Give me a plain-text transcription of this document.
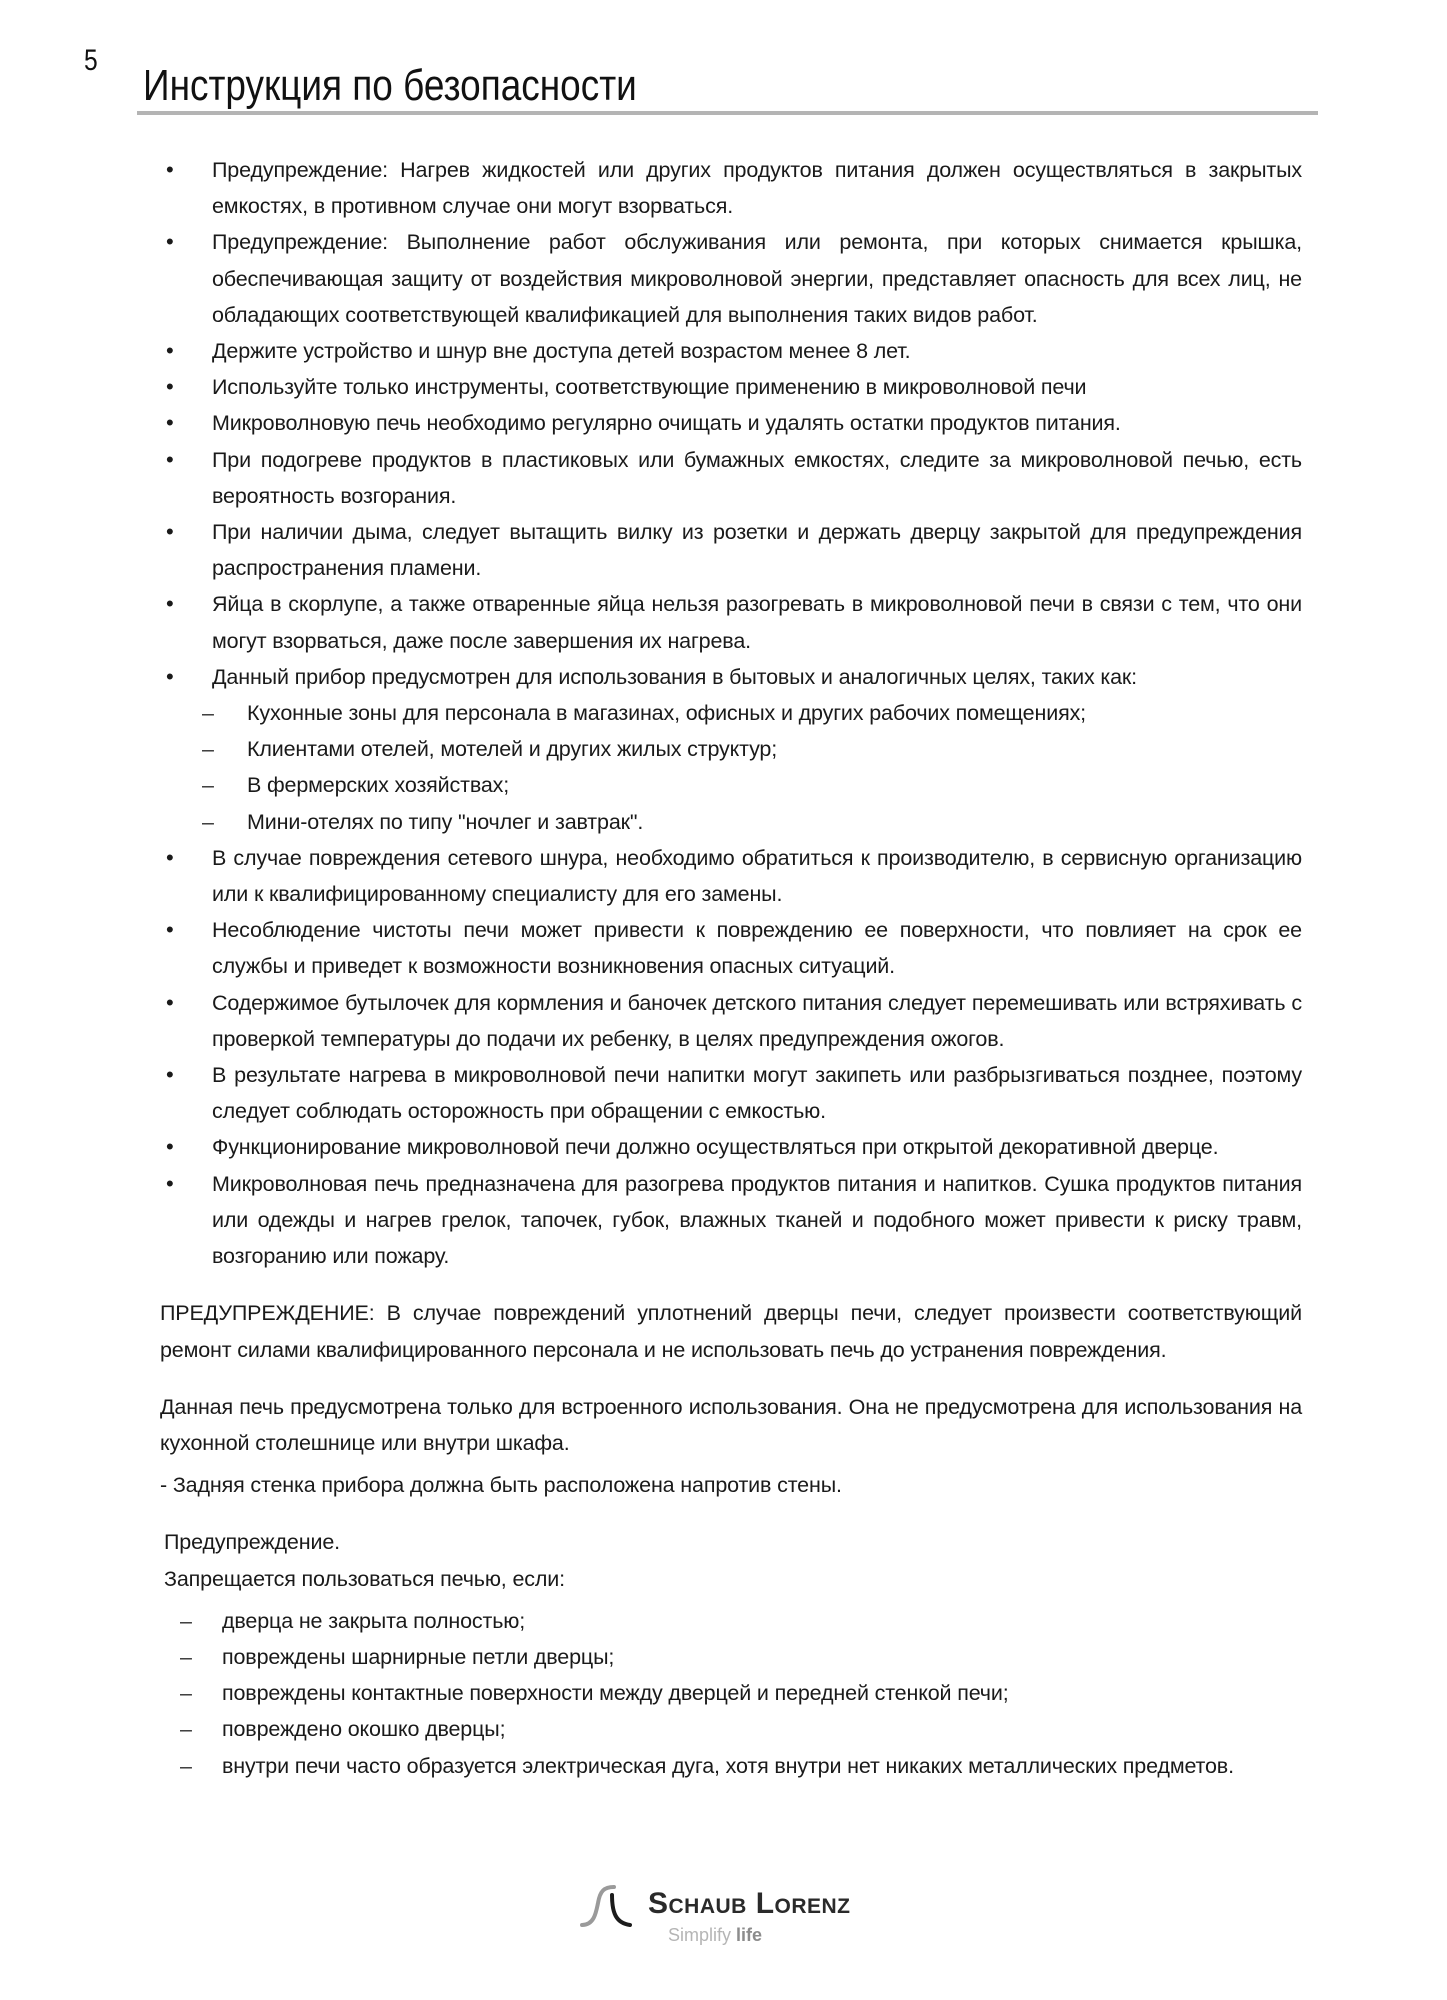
5
Инструкция по безопасности
• Предупреждение: Нагрев жидкостей или других продуктов питания должен осуществляться в закрытых емкостях, в противном случае они могут взорваться.
• Предупреждение: Выполнение работ обслуживания или ремонта, при которых снимается крышка, обеспечивающая защиту от воздействия микроволновой энергии, представляет опасность для всех лиц, не обладающих соответствующей квалификацией для выполнения таких видов работ.
• Держите устройство и шнур вне доступа детей возрастом менее 8 лет.
• Используйте только инструменты, соответствующие применению в микроволновой печи
• Микроволновую печь необходимо регулярно очищать и удалять остатки продуктов питания.
• При подогреве продуктов в пластиковых или бумажных емкостях, следите за микроволновой печью, есть вероятность возгорания.
• При наличии дыма, следует вытащить вилку из розетки и держать дверцу закрытой для предупреждения распространения пламени.
• Яйца в скорлупе, а также отваренные яйца нельзя разогревать в микроволновой печи в связи с тем, что они могут взорваться, даже после завершения их нагрева.
• Данный прибор предусмотрен для использования в бытовых и аналогичных целях, таких как:
– Кухонные зоны для персонала в магазинах, офисных и других рабочих помещениях;
– Клиентами отелей, мотелей и других жилых структур;
– В фермерских хозяйствах;
– Мини-отелях по типу "ночлег и завтрак".
• В случае повреждения сетевого шнура, необходимо обратиться к производителю, в сервисную организацию или к квалифицированному специалисту для его замены.
• Несоблюдение чистоты печи может привести к повреждению ее поверхности, что повлияет на срок ее службы и приведет к возможности возникновения опасных ситуаций.
• Содержимое бутылочек для кормления и баночек детского питания следует перемешивать или встряхивать с проверкой температуры до подачи их ребенку, в целях предупреждения ожогов.
• В результате нагрева в микроволновой печи напитки могут закипеть или разбрызгиваться позднее, поэтому следует соблюдать осторожность при обращении с емкостью.
• Функционирование микроволновой печи должно осуществляться при открытой декоративной дверце.
• Микроволновая печь предназначена для разогрева продуктов питания и напитков. Сушка продуктов питания или одежды и нагрев грелок, тапочек, губок, влажных тканей и подобного может привести к риску травм, возгоранию или пожару.

ПРЕДУПРЕЖДЕНИЕ: В случае повреждений уплотнений дверцы печи, следует произвести соответствующий ремонт силами квалифицированного персонала и не использовать печь до устранения повреждения.

Данная печь предусмотрена только для встроенного использования. Она не предусмотрена для использования на кухонной столешнице или внутри шкафа.

- Задняя стенка прибора должна быть расположена напротив стены.

Предупреждение.

Запрещается пользоваться печью, если:

– дверца не закрыта полностью;
– повреждены шарнирные петли дверцы;
– повреждены контактные поверхности между дверцей и передней стенкой печи;
– повреждено окошко дверцы;
– внутри печи часто образуется электрическая дуга, хотя внутри нет никаких металлических предметов.
Schaub Lorenz
Simplify life
